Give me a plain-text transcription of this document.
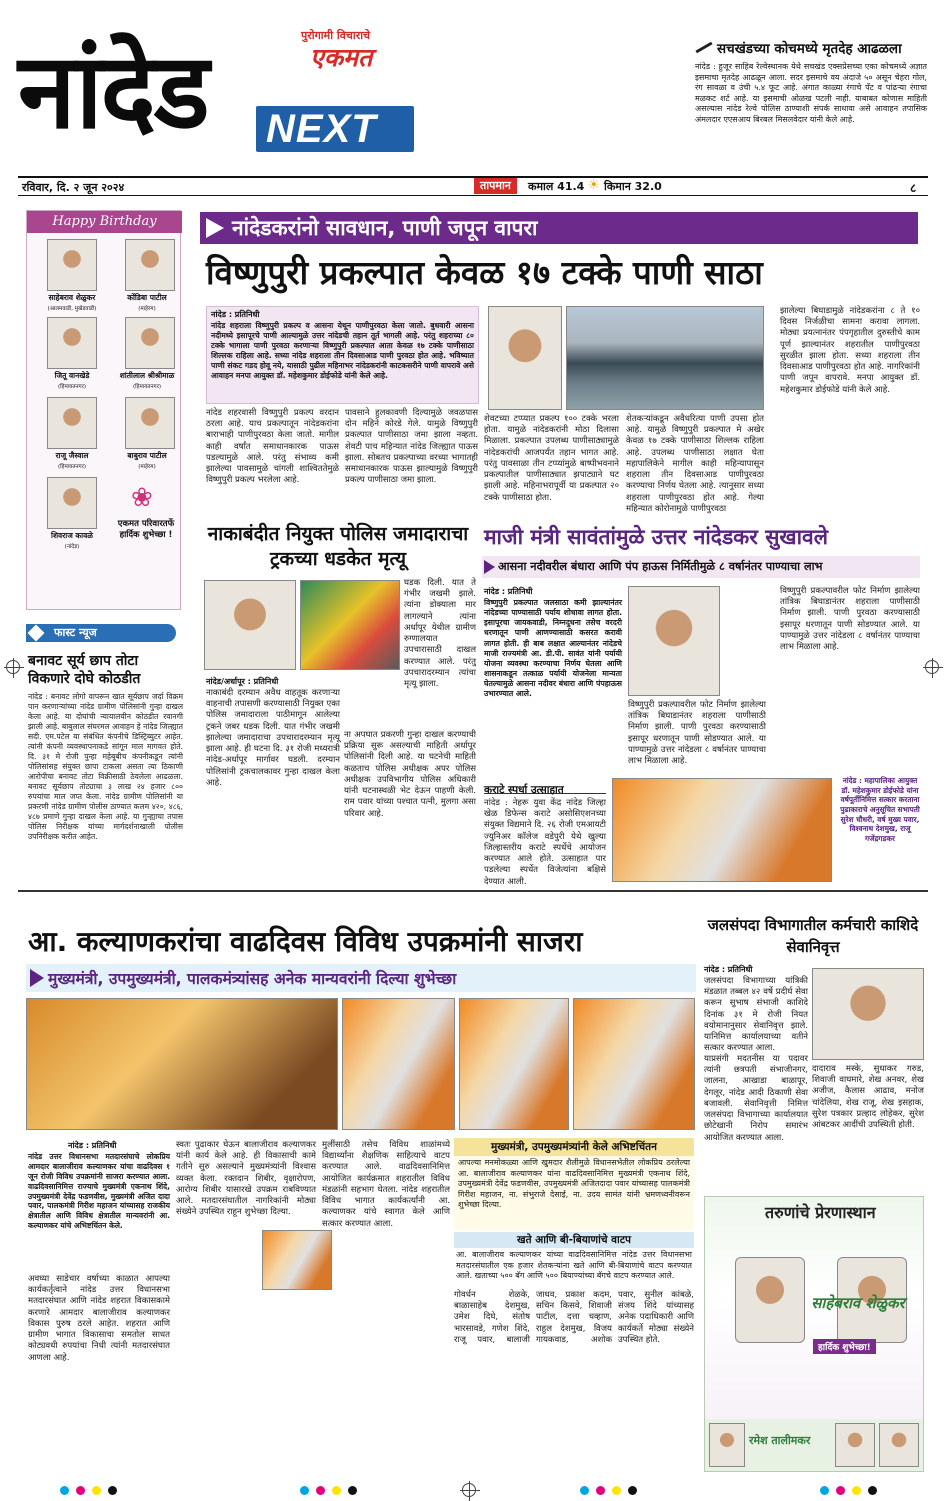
नांदेड	पुरोगामी विचाराचे
एकमत
NEXT
सचखंडच्या कोचमध्ये मृतदेह आढळला
नांदेड : हुजूर साहिब रेल्वेस्थानक येथे सचखंड एक्सप्रेसच्या एका कोचमध्ये अज्ञात इसमाचा मृतदेह आढळून आला. सदर इसमाचे वय अंदाजे ५० असून चेहरा गोल, रंग सावळा व उंची ५.४ फूट आहे. अंगात काळ्या रंगाचे पँट व पांढऱ्या रंगाचा मळकट शर्ट आहे. या इसमाची ओळख पटली नाही. याबाबत कोणास माहिती असल्यास नांदेड रेल्वे पोलिस ठाण्याशी संपर्क साधावा असे आवाहन तपासिक अंमलदार एएसआय बिरबल मिसलवेदार यांनी केले आहे.
रविवार, दि. २ जून २०२४	तापमान	कमाल 41.4 ☀ किमान 32.0	८
Happy Birthday
साहेबराव शेळुकर
(आलमवाडी, मुखेडवाडी)
कोंडिबा पाटील
(माहेरम)
जितू वानखेडे
(हिमायतनगर)
शांतीलाल श्रीश्रीमाळ
(हिमायतनगर)
राजू जैस्वाल
(हिमायतनगर)
बाबुराव पाटील
(माहेरम)
शिवराज कावळे
(नांदेड)
❀
एकमत परिवारतर्फे हार्दिक शुभेच्छा !
फास्ट न्यूज
बनावट सूर्य छाप तोटा विकणारे दोघे कोठडीत
नांदेड : बनावट लोगो वापरून खात सूर्यछाप जर्दा विक्रम पान करणाऱ्यांच्या नांदेड ग्रामीण पोलिसांनी गुन्हा दाखल केला आहे. या दोघांची न्यायालयीन कोठडीत रवानगी झाली आहे. बाबुलाल संघरमल आवाहन हे नांदेड जिल्ह्यात सदी. एम.पटेल या संबंधित कंपनीचे डिस्ट्रिब्युटर आहेत. त्यांनी कंपनी व्यवस्थापनाकडे सांगून माल मागवत होते. दि. ३१ मे रोजी पुन्हा महेबूबीच कंपनीकडून त्यांनी पोलिसांसह संयुक्त छापा टाकला असता त्या ठिकाणी आरोपीचा बनावट तोटा विक्रीसाठी ठेवलेला आढळला. बनावट सूर्यछाप तोट्याचा ३ लाख २४ हजार ८०० रुपयांचा माल जप्त केला. नांदेड ग्रामीण पोलिसांनी या प्रकरणी नांदेड ग्रामीण पोलीस ठाण्यात कलम ४२०, ४८६, ४८७ प्रमाणे गुन्हा दाखल केला आहे. या गुन्ह्याचा तपास पोलिस निरीक्षक यांच्या मार्गदर्शनाखाली पोलीस उपनिरीक्षक करीत आहेत.
नांदेडकरांनो सावधान, पाणी जपून वापरा
विष्णुपुरी प्रकल्पात केवळ १७ टक्के पाणी साठा
नांदेड : प्रतिनिधी
नांदेड शहराला विष्णुपुरी प्रकल्प व आसना येथून पाणीपुरवठा केला जातो. बुधवारी आसना नदीमध्ये इसापूरचे पाणी आल्यामुळे उत्तर नांदेडची तहान तूर्त भागली आहे. परंतु शहराच्या ८० टक्के भागाला पाणी पुरवठा करणाऱ्या विष्णुपुरी प्रकल्पात आता केवळ १७ टक्के पाणीसाठा शिल्लक राहिला आहे. सध्या नांदेड शहराला तीन दिवसाआड पाणी पुरवठा होत आहे. भविष्यात पाणी संकट गडद होवू नये, यासाठी पुढील महिनाभर नांदेडकरांनी काटकसरीने पाणी वापरावे असे आवाहन मनपा आयुक्त डॉ. महेशकुमार डोईफोडे यांनी केले आहे.
नांदेड शहरवासी विष्णुपुरी प्रकल्प वरदान ठरला आहे. याच प्रकल्पातून नांदेडकरांना बाराभाही पाणीपुरवठा केला जातो. मागील काही वर्षांत समाधानकारक पाऊस पडल्यामुळे आले. परंतु संभाव्य कमी झालेल्या पावसामुळे चांगली शाश्विततेमुळे विष्णुपुरी प्रकल्प भरलेला आहे.
पावसाने हुलकावणी दिल्यामुळे जवळपास दोन महिने कोरडे गेले. यामुळे विष्णुपुरी प्रकल्पात पाणीसाठा जमा झाला नव्हता. शेवटी पाच महिन्यात नांदेड जिल्ह्यात पाऊस झाला. सोबतच प्रकल्पाच्या वरच्या भागातही समाधानकारक पाऊस झाल्यामुळे विष्णुपुरी प्रकल्प पाणीसाठा जमा झाला.
शेवटच्या टप्प्यात प्रकल्प १०० टक्के भरला होता. यामुळे नांदेडकरांनी मोठा दिलासा मिळाला. प्रकल्पात उपलब्ध पाणीसाठ्यामुळे नांदेडकरांची आजपर्यंत तहान भागत आहे. परंतु पावसाळा तीन टप्प्यांमुळे बाष्पीभवनाने प्रकल्पातील पाणीसाठ्यात झपाट्याने घट झाली आहे. महिनाभरापूर्वी या प्रकल्पात २० टक्के पाणीसाठा होता.
शेतकऱ्यांकडून अवैधरित्या पाणी उपसा होत आहे. यामुळे विष्णुपुरी प्रकल्पात मे अखेर केवळ १७ टक्के पाणीसाठा शिल्लक राहिला आहे. उपलब्ध पाणीसाठा लक्षात घेता महापालिकेने मागील काही महिन्यापासून शहराला तीन दिवसाआड पाणीपुरवठा करण्याचा निर्णय घेतला आहे. त्यानुसार सध्या शहराला पाणीपुरवठा होत आहे. गेल्या महिन्यात कोरोनामुळे पाणीपुरवठा
झालेल्या बिघाडामुळे नांदेडकरांना ८ ते १० दिवस निर्जळीचा सामना करावा लागला. मोठ्या प्रयत्नानंतर पंपगृहातील दुरुस्तीचे काम पूर्ण झाल्यानंतर शहरातील पाणीपुरवठा सुरळीत झाला होता. सध्या शहराला तीन दिवसाआड पाणीपुरवठा होत आहे. नागरिकांनी पाणी जपून वापरावे. मनपा आयुक्त डॉ. महेशकुमार डोईफोडे यांनी केले आहे.
नाकाबंदीत नियुक्त पोलिस जमादाराचा ट्रकच्या धडकेत मृत्यू
घडक दिली. यात ते गंभीर जखमी झाले. त्यांना डोक्याला मार लागल्याने त्यांना अर्धापूर येथील ग्रामीण रुग्णालयात उपचारासाठी दाखल करण्यात आले. परंतु उपचारादरम्यान त्यांचा मृत्यू झाला.
नांदेड/अर्धापूर : प्रतिनिधी
नाकाबंदी दरम्यान अवैध वाहतूक करणाऱ्या वाहनाची तपासणी करण्यासाठी नियुक्त एका पोलिस जमादाराला पाठीमागून आलेल्या ट्रकने जबर धडक दिली. यात गंभीर जखमी झालेल्या जमादाराचा उपचारादरम्यान मृत्यू झाला आहे. ही घटना दि. ३१ रोजी मध्यरात्री नांदेड-अर्धापूर मार्गावर घडली. दरम्यान पोलिसांनी ट्रकचालकावर गुन्हा दाखल केला आहे.
ना अपघात प्रकरणी गुन्हा दाखल करण्याची प्रक्रिया सुरू असल्याची माहिती अर्धापूर पोलिसांनी दिली आहे. या घटनेची माहिती कळताच पोलिस अधीक्षक अपर पोलिस अधीक्षक उपविभागीय पोलिस अधिकारी यांनी घटनास्थळी भेट देऊन पाहणी केली. राम पवार यांच्या पश्चात पत्नी, मुलगा असा परिवार आहे.
माजी मंत्री सावंतांमुळे उत्तर नांदेडकर सुखावले
आसना नदीवरील बंधारा आणि पंप हाऊस निर्मितीमुळे ८ वर्षानंतर पाण्याचा लाभ
नांदेड : प्रतिनिधी
विष्णुपुरी प्रकल्पात जलसाठा कमी झाल्यानंतर नांदेडच्या पाण्यासाठी पर्याय शोधावा लागत होता. इसापूरचा जायकवाडी, निम्नदुधना तसेच वरदरी धरणातून पाणी आणण्यासाठी कसरत करावी लागत होती. ही बाब लक्षात आल्यानंतर नांदेडचे माजी राज्यमंत्री आ. डी.पी. सावंत यांनी पर्यायी योजना व्यवस्था करण्याचा निर्णय घेतला आणि शासनाकडून तत्काळ पर्यायी योजनेला मान्यता घेतल्यामुळे आसना नदीवर बंधारा आणि पंपहाऊस उभारण्यात आले.
विष्णुपुरी प्रकल्पावरील फोट निर्माण झालेल्या तांत्रिक बिघाडानंतर शहराला पाणीसाठी निर्माण झाली. पाणी पुरवठा करण्यासाठी इसापूर धरणातून पाणी सोडण्यात आले. या पाण्यामुळे उत्तर नांदेडला ८ वर्षानंतर पाण्याचा लाभ मिळाला आहे.
विष्णुपुरी प्रकल्पावरील फोट निर्माण झालेल्या तांत्रिक बिघाडानंतर शहराला पाणीसाठी निर्माण झाली. पाणी पुरवठा करण्यासाठी इसापूर धरणातून पाणी सोडण्यात आले. या पाण्यामुळे उत्तर नांदेडला ८ वर्षानंतर पाण्याचा लाभ मिळाला आहे.
कराटे स्पर्धा उत्साहात
नांदेड : नेहरू युवा केंद्र नांदेड जिल्हा खेळ डिफेन्स कराटे असोसिएशनच्या संयुक्त विद्यमाने दि. २६ रोजी एमआयटी ज्युनिअर कॉलेज वडेपुरी येथे खुल्या जिल्हास्तरीय कराटे स्पर्धेचे आयोजन करण्यात आले होते. उत्साहात पार पडलेल्या स्पर्धेत विजेत्यांना बक्षिसे देण्यात आली.
नांदेड : महापालिका आयुक्त डॉ. महेशकुमार डोईफोडे यांना वर्षपूर्तीनिमित्त सत्कार करताना पुढाकाराचे अनुसूचित सभापती सुरेश चौधरी, वर्ष मुख्य पवार, विश्वनाथ देशमुख, राजू गजेंद्रगडकर
आ. कल्याणकरांचा वाढदिवस विविध उपक्रमांनी साजरा
मुख्यमंत्री, उपमुख्यमंत्री, पालकमंत्र्यांसह अनेक मान्यवरांनी दिल्या शुभेच्छा
नांदेड : प्रतिनिधी
नांदेड उत्तर विधानसभा मतदारसंघाचे लोकप्रिय आमदार बालाजीराव कल्याणकर यांचा वाढदिवस १ जून रोजी विविध उपक्रमांनी साजरा करण्यात आला. वाढदिवसानिमित्त राज्याचे मुख्यमंत्री एकनाथ शिंदे, उपमुख्यमंत्री देवेंद्र फडणवीस, मुख्यमंत्री अजित दादा पवार, पालकमंत्री गिरीश महाजन यांच्यासह राजकीय क्षेत्रातील आणि विविध क्षेत्रातील मान्यवरांनी आ. कल्याणकर यांचे अभिष्टचिंतन केले.
अवघ्या साडेचार वर्षाच्या काळात आपल्या कार्यकर्तृत्वाने नांदेड उत्तर विधानसभा मतदारसंघात आणि नांदेड शहरात विकासकामे करणारे आमदार बालाजीराव कल्याणकर विकास पुरुष ठरले आहेत. शहरात आणि ग्रामीण भागात विकासाचा समतोल साधत कोट्यवधी रुपयांचा निधी त्यांनी मतदारसंघात आणला आहे.
स्वतः पुढाकार घेऊन बालाजीराव कल्याणकर यांनी कार्य केले आहे. ही विकासाची कामे गतीने सुरु असल्याने मुख्यमंत्र्यांनी विश्वास व्यक्त केला. रक्तदान शिबीर, वृक्षारोपण, आरोग्य शिबीर यासारखे उपक्रम राबविण्यात आले. मतदारसंघातील नागरिकांनी मोठ्या संख्येने उपस्थित राहून शुभेच्छा दिल्या.
मुलींसाठी तसेच विविध शाळांमध्ये विद्यार्थ्यांना शैक्षणिक साहित्याचे वाटप करण्यात आले. वाढदिवसानिमित्त आयोजित कार्यक्रमात शहरातील विविध मंडळांनी सहभाग घेतला. नांदेड शहरातील विविध भागात कार्यकर्त्यांनी आ. कल्याणकर यांचे स्वागत केले आणि सत्कार करण्यात आला.
मुख्यमंत्री, उपमुख्यमंत्र्यांनी केले अभिष्टचिंतन
आपल्या मनमोकळ्या आणि खुमदार शैलीमुळे विधानसभेतील लोकप्रिय ठरलेल्या आ. बालाजीराव कल्याणकर यांना वाढदिवसानिमित्त मुख्यमंत्री एकनाथ शिंदे, उपमुख्यमंत्री देवेंद्र फडणवीस, उपमुख्यमंत्री अजितदादा पवार यांच्यासह पालकमंत्री गिरीश महाजन, ना. संभुराजे देसाई, ना. उदय सामंत यांनी भ्रमणध्वनीवरून शुभेच्छा दिल्या.
खते आणि बी-बियाणांचे वाटप
आ. बालाजीराव कल्याणकर यांच्या वाढदिवसानिमित्त नांदेड उत्तर विधानसभा मतदारसंघातील एक हजार शेतकऱ्यांना खते आणि बी-बियाणांचे वाटप करण्यात आले. खताच्या ५०० बॅग आणि ५०० बियाण्यांच्या बॅगचे वाटप करण्यात आले.
गोवर्धन शेळके, बाळासाहेब देशमुख, उमेश दिघे, संतोष भारसावडे, गणेश शिंदे, राजू पवार, बालाजी जाधव, प्रकाश कदम, सचिन किसवे, शिवाजी पाटील, दत्ता चव्हाण, राहुल देशमुख, विजय गायकवाड, अशोक पवार, सुनील कांबळे, संजय शिंदे यांच्यासह अनेक पदाधिकारी आणि कार्यकर्ते मोठ्या संख्येने उपस्थित होते.
जलसंपदा विभागातील कर्मचारी काशिदे सेवानिवृत्त
नांदेड : प्रतिनिधी
जलसंपदा विभागाच्या यांत्रिकी मंडळात तब्बल ४२ वर्षे प्रदीर्घ सेवा करून सुभाष संभाजी काशिदे दिनांक ३१ मे रोजी नियत वयोमानानुसार सेवानिवृत्त झाले. यानिमित्त कार्यालयाच्या वतीने सत्कार करण्यात आला.
याप्रसंगी मदतनीस या पदावर त्यांनी छत्रपती संभाजीनगर, जालना, आखाडा बाळापूर, देगलूर, नांदेड आदी ठिकाणी सेवा बजावली. सेवानिवृत्ती निमित्त जलसंपदा विभागाच्या कार्यालयात छोटेखानी निरोप समारंभ आयोजित करण्यात आला.
दादाराव मस्के, सुधाकर गरुड, शिवाजी वाघमारे, शेख अनवर, शेख अजीज, कैलास आढाव, मनोज चांदेलिया, शेख राजू, शेख इसहाक, सुरेश पत्रकार प्रल्हाद लोहेकर, सुरेश आंबटकर आदींची उपस्थिती होती.
तरुणांचे प्रेरणास्थान
साहेबराव शेळुकर
हार्दिक शुभेच्छा!
रमेश तालीमकर
